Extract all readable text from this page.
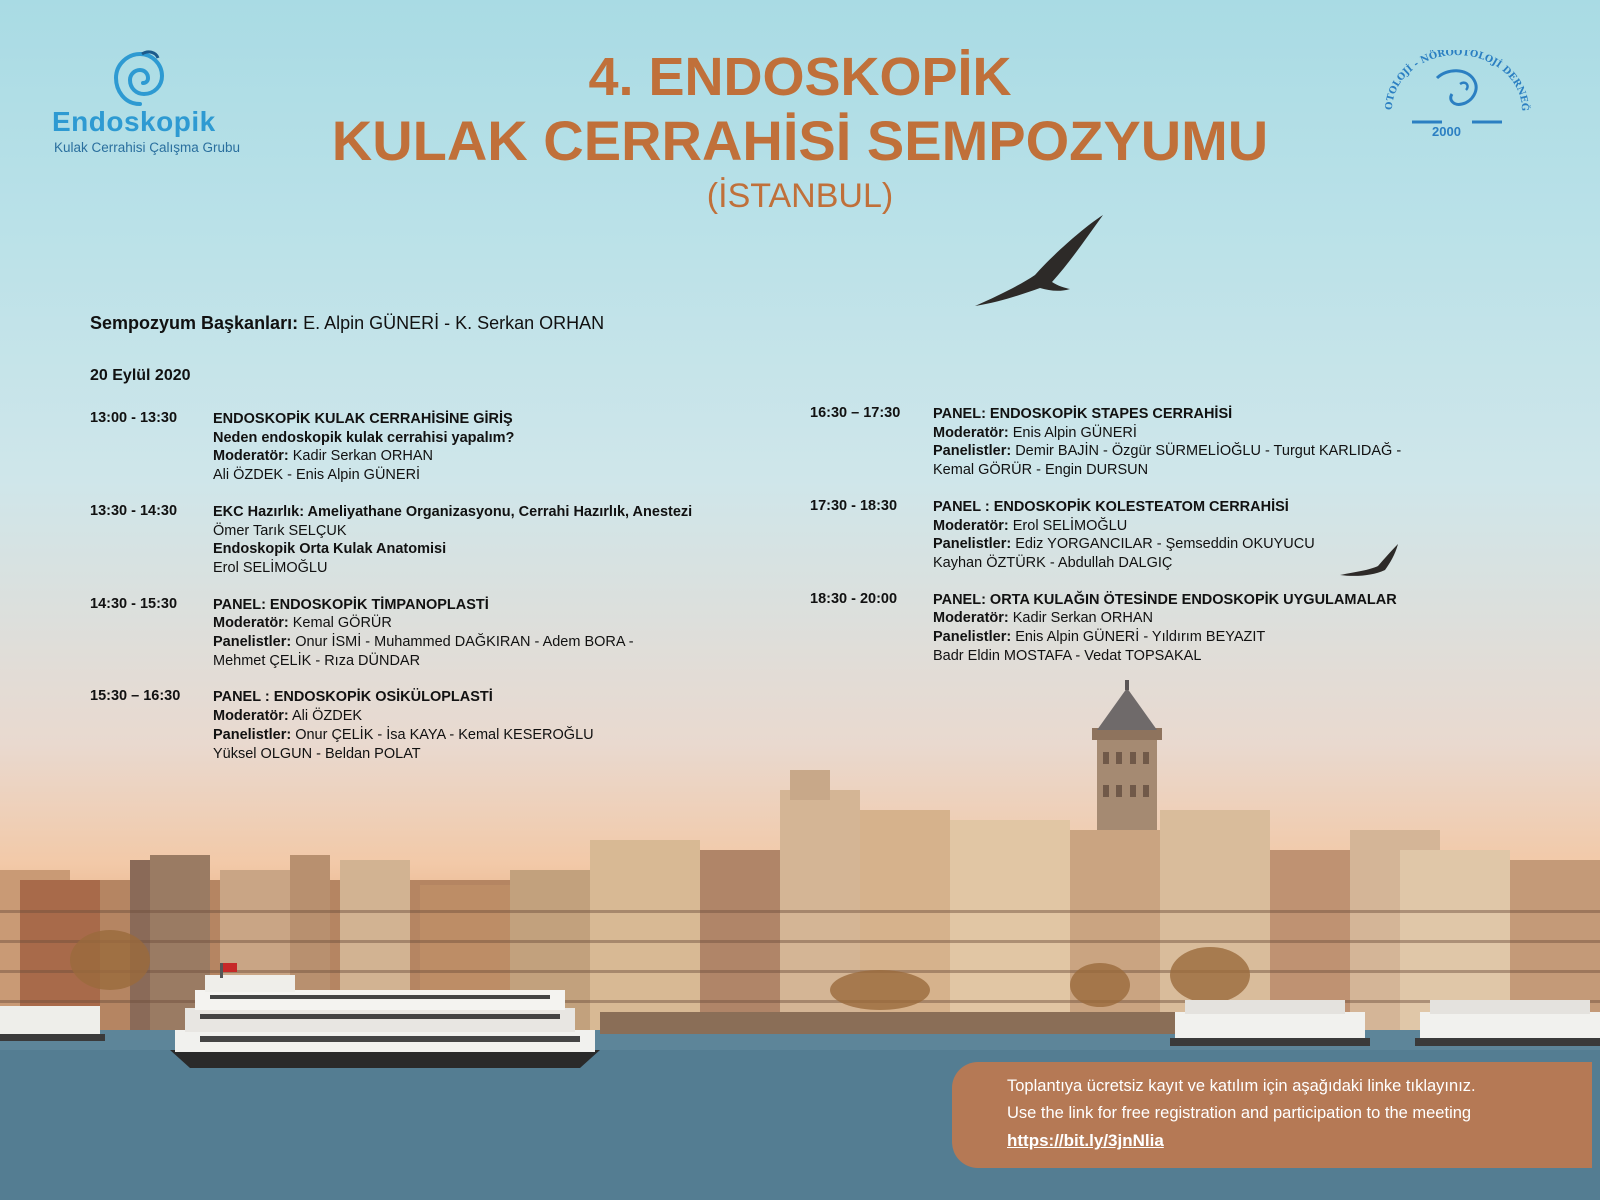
Endoskopik
Kulak Cerrahisi Çalışma Grubu
OTOLOJİ - NÖROOTOLOJİ DERNEĞ
2000
4. ENDOSKOPİK
KULAK CERRAHİSİ SEMPOZYUMU
(İSTANBUL)
Sempozyum Başkanları: E. Alpin GÜNERİ - K. Serkan ORHAN
20 Eylül 2020
13:00 - 13:30 ENDOSKOPİK KULAK CERRAHİSİNE GİRİŞ
Neden endoskopik kulak cerrahisi yapalım?
Moderatör: Kadir Serkan ORHAN
Ali ÖZDEK - Enis Alpin GÜNERİ
13:30 - 14:30 EKC Hazırlık: Ameliyathane Organizasyonu, Cerrahi Hazırlık, Anestezi
Ömer Tarık SELÇUK
Endoskopik Orta Kulak Anatomisi
Erol SELİMOĞLU
14:30 - 15:30 PANEL: ENDOSKOPİK TİMPANOPLASTİ
Moderatör: Kemal GÖRÜR
Panelistler: Onur İSMİ - Muhammed DAĞKIRAN - Adem BORA -
Mehmet ÇELİK - Rıza DÜNDAR
15:30 – 16:30 PANEL : ENDOSKOPİK OSİKÜLOPLASTİ
Moderatör: Ali ÖZDEK
Panelistler: Onur ÇELİK - İsa KAYA - Kemal KESEROĞLU
Yüksel OLGUN - Beldan POLAT
16:30 – 17:30 PANEL: ENDOSKOPİK STAPES CERRAHİSİ
Moderatör: Enis Alpin GÜNERİ
Panelistler: Demir BAJİN - Özgür SÜRMELİOĞLU - Turgut KARLIDAĞ -
Kemal GÖRÜR - Engin DURSUN
17:30 - 18:30 PANEL : ENDOSKOPİK KOLESTEATOM CERRAHİSİ
Moderatör: Erol SELİMOĞLU
Panelistler: Ediz YORGANCILAR - Şemseddin OKUYUCU
Kayhan ÖZTÜRK - Abdullah DALGIÇ
18:30 - 20:00 PANEL: ORTA KULAĞIN ÖTESİNDE ENDOSKOPİK UYGULAMALAR
Moderatör: Kadir Serkan ORHAN
Panelistler: Enis Alpin GÜNERİ - Yıldırım BEYAZIT
Badr Eldin MOSTAFA - Vedat TOPSAKAL
Toplantıya ücretsiz kayıt ve katılım için aşağıdaki linke tıklayınız.
Use the link for free registration and participation to the meeting
https://bit.ly/3jnNlia
